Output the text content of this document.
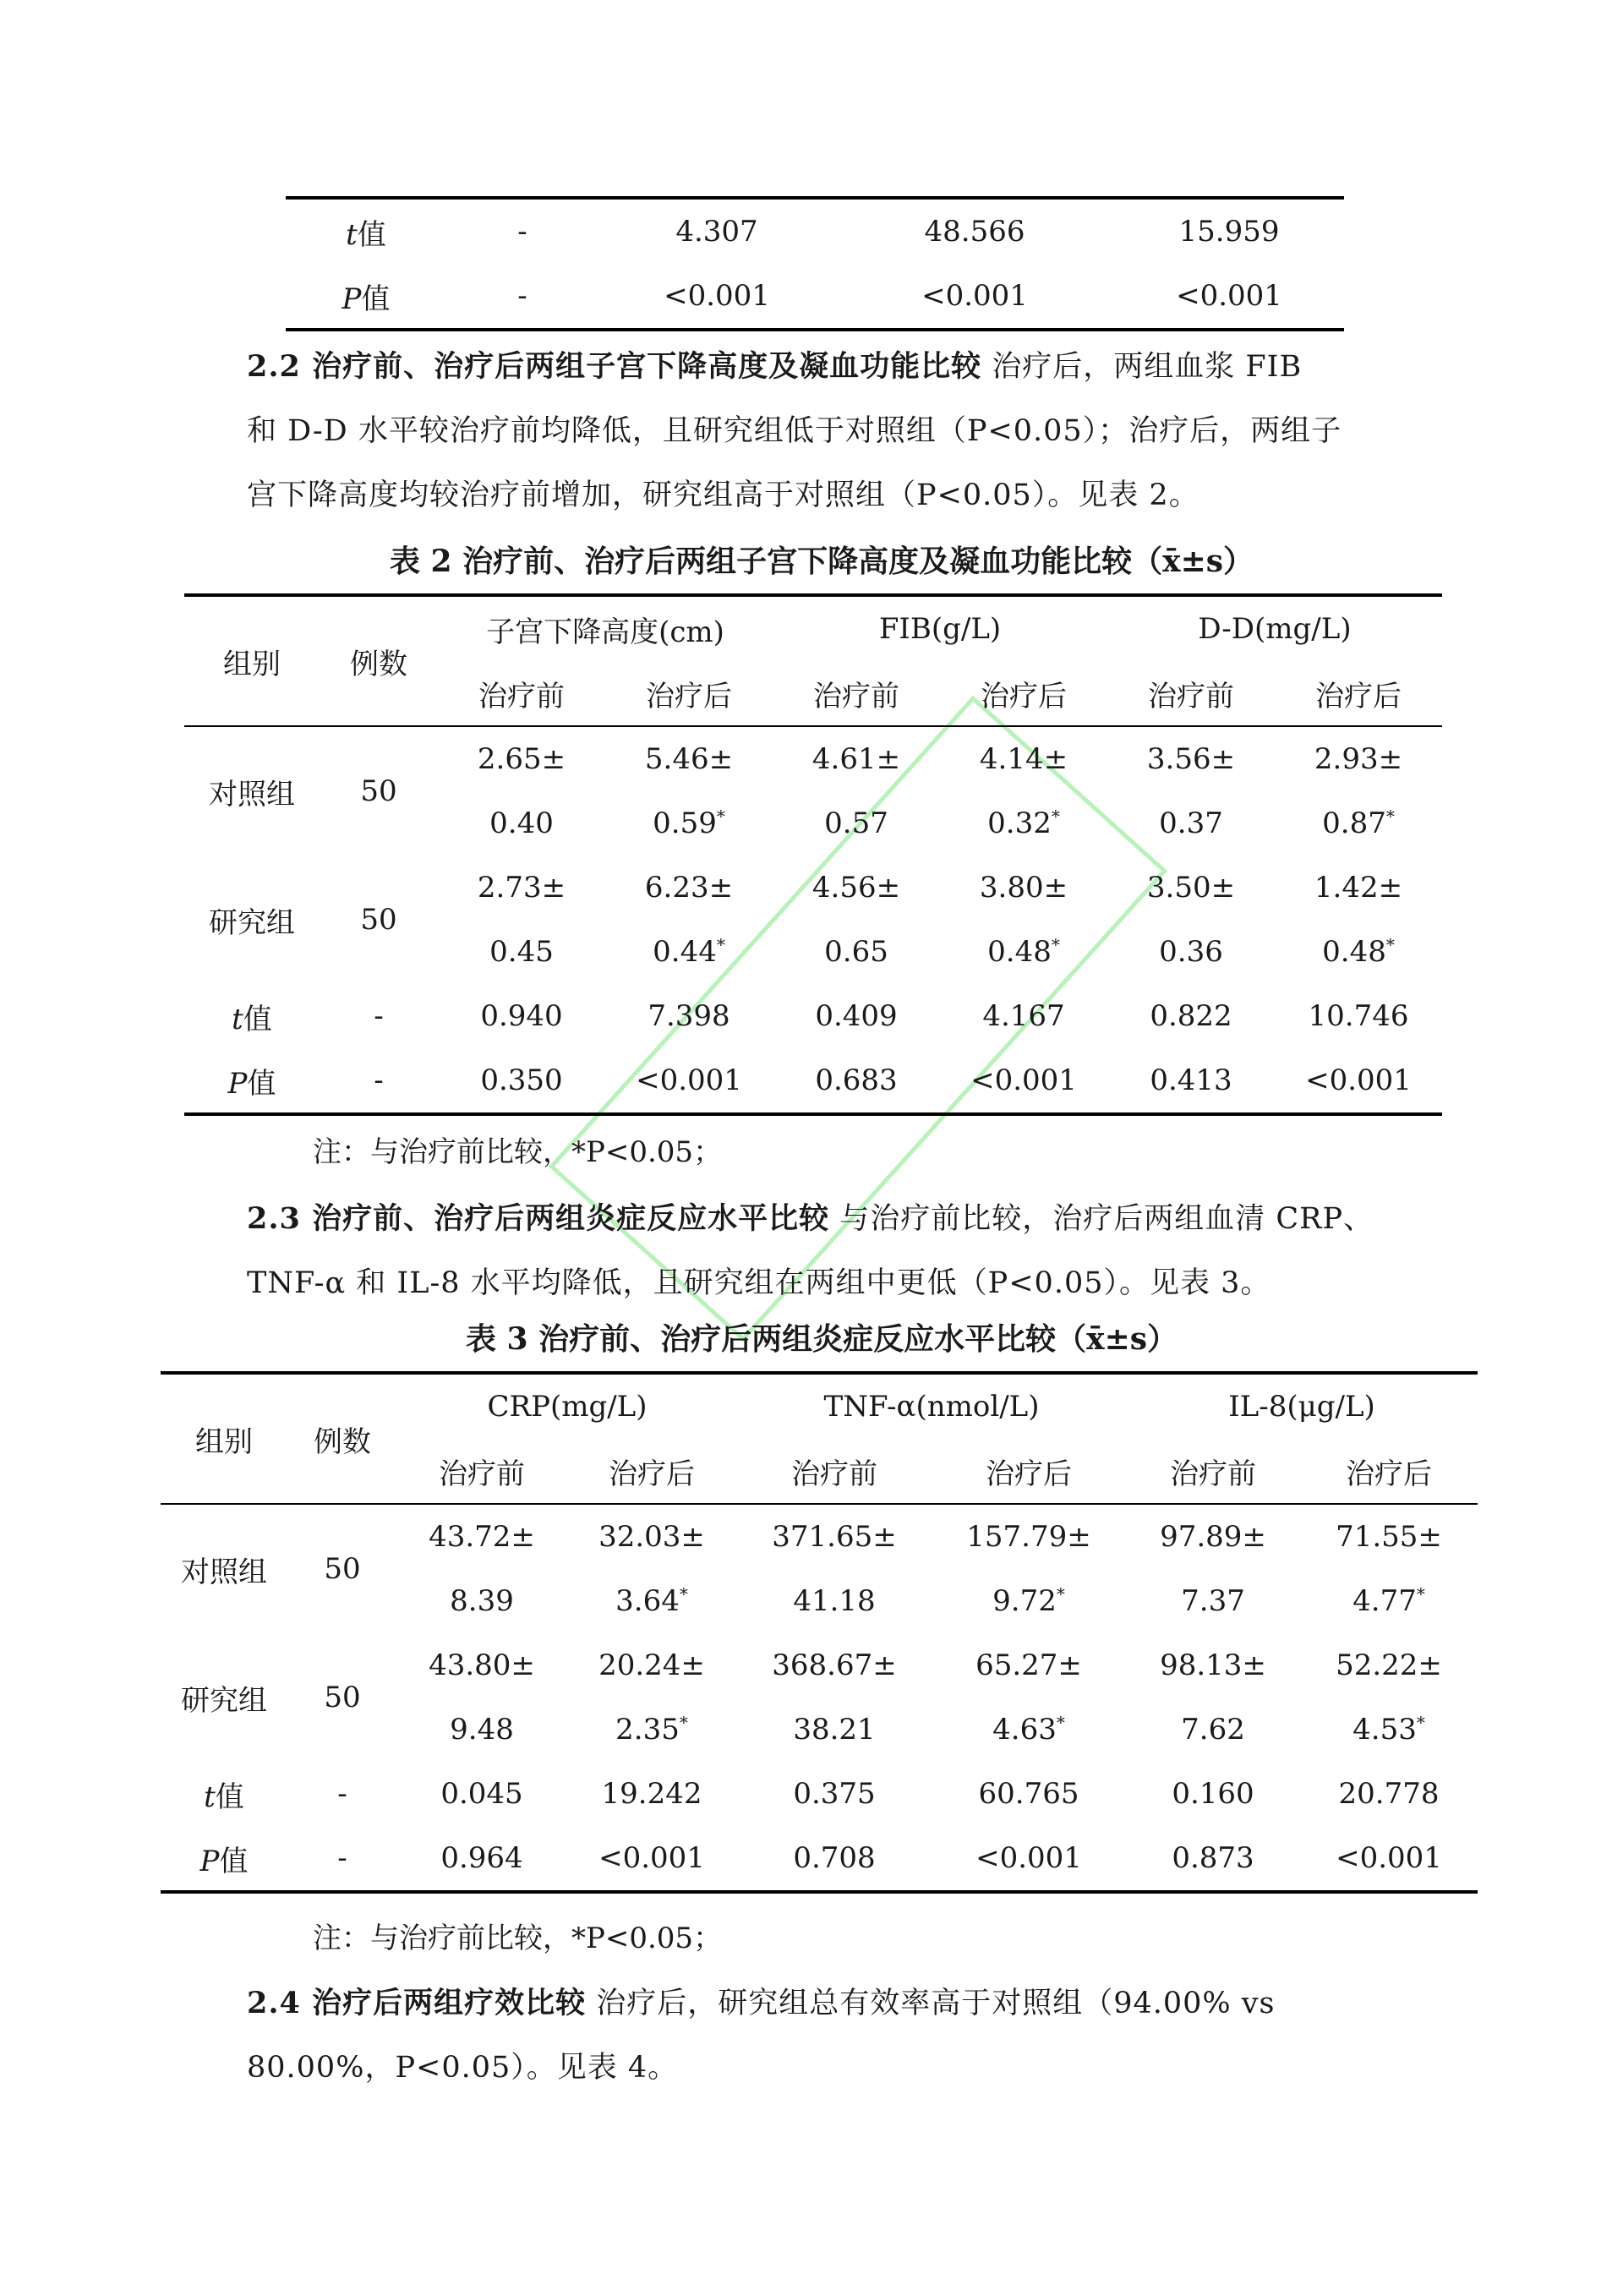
t值	-	4.307	48.566	15.959
P值	-	<0.001	<0.001	<0.001
2.2 治疗前、治疗后两组子宫下降高度及凝血功能比较 治疗后，两组血浆 FIB
和 D-D 水平较治疗前均降低，且研究组低于对照组（P<0.05）；治疗后，两组子
宫下降高度均较治疗前增加，研究组高于对照组（P<0.05）。见表 2。
表 2 治疗前、治疗后两组子宫下降高度及凝血功能比较（x̄±s）
组别	例数	子宫下降高度(cm)		FIB(g/L)		D-D(mg/L)	
		治疗前	治疗后	治疗前	治疗后	治疗前	治疗后
对照组	50	2.65±	5.46±	4.61±	4.14±	3.56±	2.93±
		0.40	0.59*	0.57	0.32*	0.37	0.87*
研究组	50	2.73±	6.23±	4.56±	3.80±	3.50±	1.42±
		0.45	0.44*	0.65	0.48*	0.36	0.48*
t值	-	0.940	7.398	0.409	4.167	0.822	10.746
P值	-	0.350	<0.001	0.683	<0.001	0.413	<0.001
注：与治疗前比较，*P<0.05；
2.3 治疗前、治疗后两组炎症反应水平比较 与治疗前比较，治疗后两组血清 CRP、
TNF-α 和 IL-8 水平均降低，且研究组在两组中更低（P<0.05）。见表 3。
表 3 治疗前、治疗后两组炎症反应水平比较（x̄±s）
组别	例数	CRP(mg/L)		TNF-α(nmol/L)		IL-8(μg/L)	
		治疗前	治疗后	治疗前	治疗后	治疗前	治疗后
对照组	50	43.72±	32.03±	371.65±	157.79±	97.89±	71.55±
		8.39	3.64*	41.18	9.72*	7.37	4.77*
研究组	50	43.80±	20.24±	368.67±	65.27±	98.13±	52.22±
		9.48	2.35*	38.21	4.63*	7.62	4.53*
t值	-	0.045	19.242	0.375	60.765	0.160	20.778
P值	-	0.964	<0.001	0.708	<0.001	0.873	<0.001
注：与治疗前比较，*P<0.05；
2.4 治疗后两组疗效比较 治疗后，研究组总有效率高于对照组（94.00% vs
80.00%，P<0.05）。见表 4。
